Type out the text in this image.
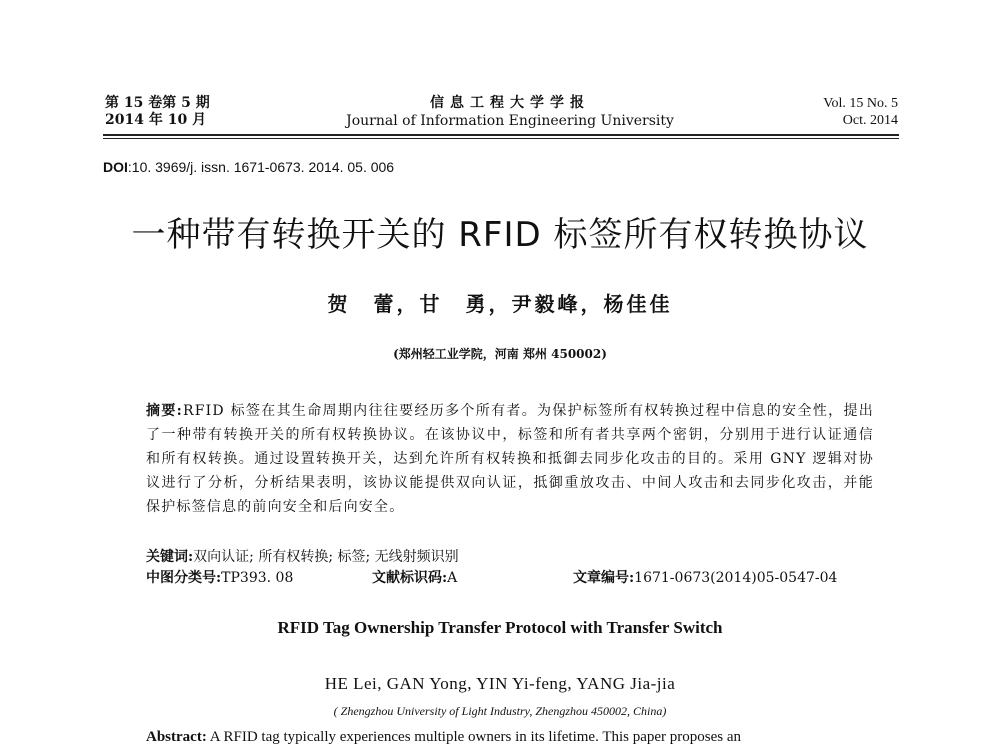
第 15 卷第 5 期
2014 年 10 月
信息工程大学学报
Journal of Information Engineering University
Vol. 15 No. 5
Oct. 2014
DOI:10. 3969/j. issn. 1671-0673. 2014. 05. 006
一种带有转换开关的 RFID 标签所有权转换协议
贺　蕾，甘　勇，尹毅峰，杨佳佳
(郑州轻工业学院，河南 郑州 450002)
摘要:RFID 标签在其生命周期内往往要经历多个所有者。为保护标签所有权转换过程中信息的安全性，提出了一种带有转换开关的所有权转换协议。在该协议中，标签和所有者共享两个密钥，分别用于进行认证通信和所有权转换。通过设置转换开关，达到允许所有权转换和抵御去同步化攻击的目的。采用 GNY 逻辑对协议进行了分析，分析结果表明，该协议能提供双向认证，抵御重放攻击、中间人攻击和去同步化攻击，并能保护标签信息的前向安全和后向安全。
关键词:双向认证; 所有权转换; 标签; 无线射频识别
中图分类号:TP393. 08	文献标识码:A	文章编号:1671-0673(2014)05-0547-04
RFID Tag Ownership Transfer Protocol with Transfer Switch
HE Lei, GAN Yong, YIN Yi-feng, YANG Jia-jia
( Zhengzhou University of Light Industry, Zhengzhou 450002, China)
Abstract: A RFID tag typically experiences multiple owners in its lifetime. This paper proposes an
